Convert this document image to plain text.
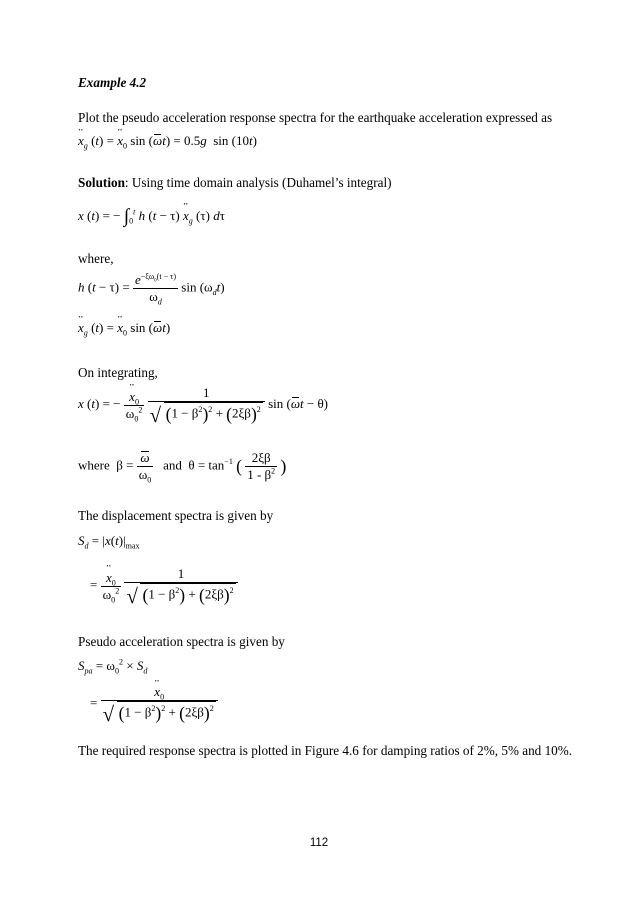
Example 4.2
Plot the pseudo acceleration response spectra for the earthquake acceleration expressed as
¨ $x_g$ (t) = ¨ $x_0$ sin (ωt) = 0.5g  sin (10t)
Solution: Using time domain analysis (Duhamel’s integral)
x (t) = − $\int_0^t$ h (t − τ) ¨ $x_g$ (τ) dτ
where,
h $(t - \tau) = \frac{e^{-\xi\omega_0(t - \tau)}}{\omega_d}$ $\sin (\omega_dt)$
¨ $x_g$ (t) = ¨ $x_0$ sin (ωt)
On integrating,
x (t) = − ¨ $\frac{x_0}{\omega_0^2}$
$\frac{1}{√ (1 - \beta^2)^2 + (2\xi\beta)^2}$ sin (ωt − θ)
where  $\beta = \frac{\omega}{\omega_0}$ and  $\theta = \tan^{-1}$ ( $\frac{2\xi\beta}{1 - \beta^2}$ )
The displacement spectra is given by
$S_d = |x(t)|_{max}$
= ¨ $\frac{x_0}{\omega_0^2}$
$\frac{1}{√ (1 - \beta^2) + (2\xi\beta)^2}$
Pseudo acceleration spectra is given by
$S_{pa} = \omega_0^2 \times S_d$
= ¨ $\frac{x_0}{√ (1 - \beta^2)^2 + (2\xi\beta)^2}$
The required response spectra is plotted in Figure 4.6 for damping ratios of 2%, 5% and 10%.
112
